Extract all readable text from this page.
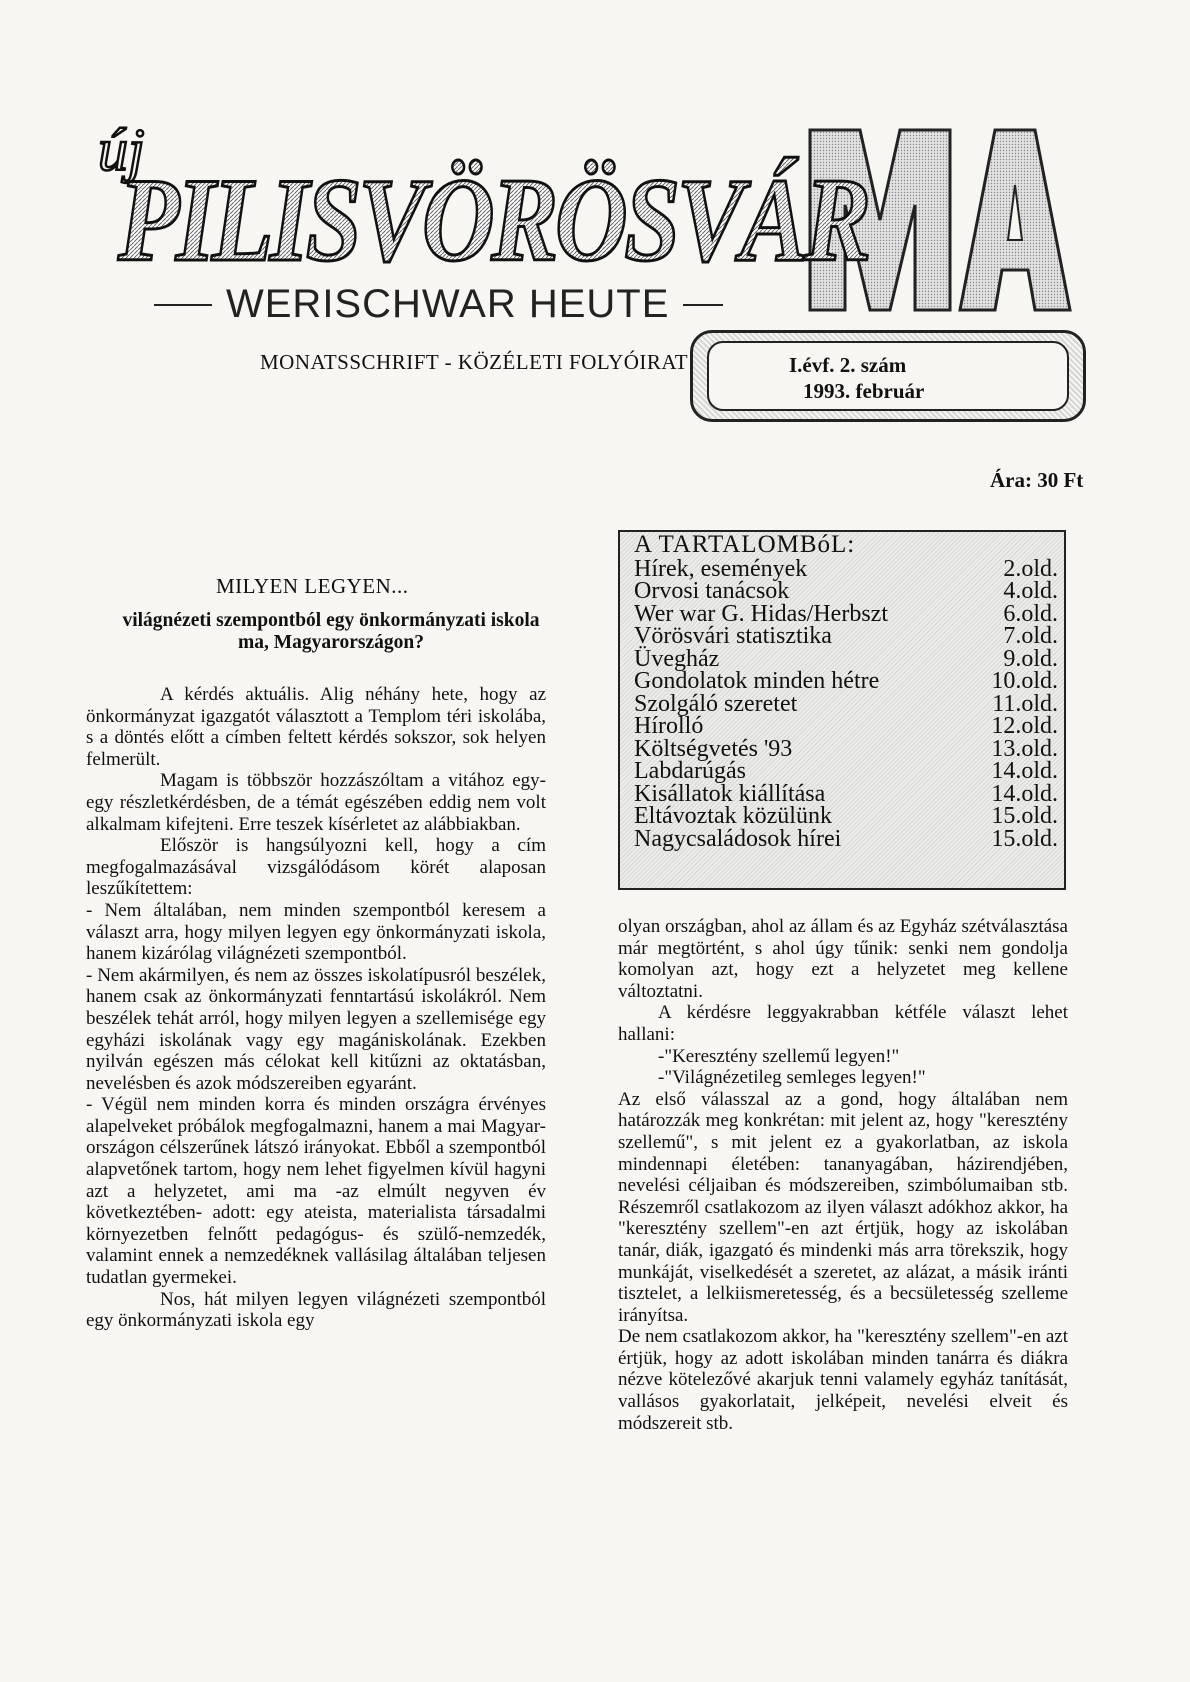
PILISVÖRÖSVÁR
új
WERISCHWAR HEUTE
MONATSSCHRIFT - KÖZÉLETI FOLYÓIRAT	I.évf. 2. szám
1993. február
Ára: 30 Ft
A TARTALOMBóL:
Hírek, események	2.old.
Orvosi tanácsok	4.old.
Wer war G. Hidas/Herbszt	6.old.
Vörösvári statisztika	7.old.
Üvegház	9.old.
Gondolatok minden hétre	10.old.
Szolgáló szeretet	11.old.
Hírolló	12.old.
Költségvetés '93	13.old.
Labdarúgás	14.old.
Kisállatok kiállítása	14.old.
Eltávoztak közülünk	15.old.
Nagycsaládosok hírei	15.old.
MILYEN LEGYEN...
világnézeti szempontból egy önkormányzati iskola ma, Magyarországon?

A kérdés aktuális. Alig néhány hete, hogy az önkormányzat igazgatót választott a Templom téri iskolába, s a döntés előtt a címben feltett kérdés sokszor, sok helyen felmerült.

Magam is többször hozzászóltam a vitához egy-egy részletkérdésben, de a témát egészében eddig nem volt alkalmam kifejteni. Erre teszek kísérletet az alábbiakban.

Először is hangsúlyozni kell, hogy a cím megfogalmazásával vizsgálódásom körét alaposan leszűkítettem:

- Nem általában, nem minden szempontból keresem a választ arra, hogy milyen legyen egy önkormányzati iskola, hanem kizárólag világnézeti szempontból.

- Nem akármilyen, és nem az összes iskolatípusról beszélek, hanem csak az önkormányzati fenntartású iskolákról. Nem beszélek tehát arról, hogy milyen legyen a szellemisége egy egyházi iskolának vagy egy magániskolának. Ezekben nyilván egészen más célokat kell kitűzni az oktatásban, nevelésben és azok módszereiben egyaránt.

- Végül nem minden korra és minden országra érvényes alapelveket próbálok megfogalmazni, hanem a mai Magyar-országon célszerűnek látszó irányokat. Ebből a szempontból alapvetőnek tartom, hogy nem lehet figyelmen kívül hagyni azt a helyzetet, ami ma -az elmúlt negyven év következtében- adott: egy ateista, materialista társadalmi környezetben felnőtt pedagógus- és szülő-nemzedék, valamint ennek a nemzedéknek vallásilag általában teljesen tudatlan gyermekei.

Nos, hát milyen legyen világnézeti szempontból egy önkormányzati iskola egy

olyan országban, ahol az állam és az Egyház szétválasztása már megtörtént, s ahol úgy tűnik: senki nem gondolja komolyan azt, hogy ezt a helyzetet meg kellene változtatni.

A kérdésre leggyakrabban kétféle választ lehet hallani:

-"Keresztény szellemű legyen!"

-"Világnézetileg semleges legyen!"

Az első válasszal az a gond, hogy általában nem határozzák meg konkrétan: mit jelent az, hogy "keresztény szellemű", s mit jelent ez a gyakorlatban, az iskola mindennapi életében: tananyagában, házirendjében, nevelési céljaiban és módszereiben, szimbólumaiban stb. Részemről csatlakozom az ilyen választ adókhoz akkor, ha "keresztény szellem"-en azt értjük, hogy az iskolában tanár, diák, igazgató és mindenki más arra törekszik, hogy munkáját, viselkedését a szeretet, az alázat, a másik iránti tisztelet, a lelkiismeretesség, és a becsületesség szelleme irányítsa.

De nem csatlakozom akkor, ha "keresztény szellem"-en azt értjük, hogy az adott iskolában minden tanárra és diákra nézve kötelezővé akarjuk tenni valamely egyház tanítását, vallásos gyakorlatait, jelképeit, nevelési elveit és módszereit stb.
